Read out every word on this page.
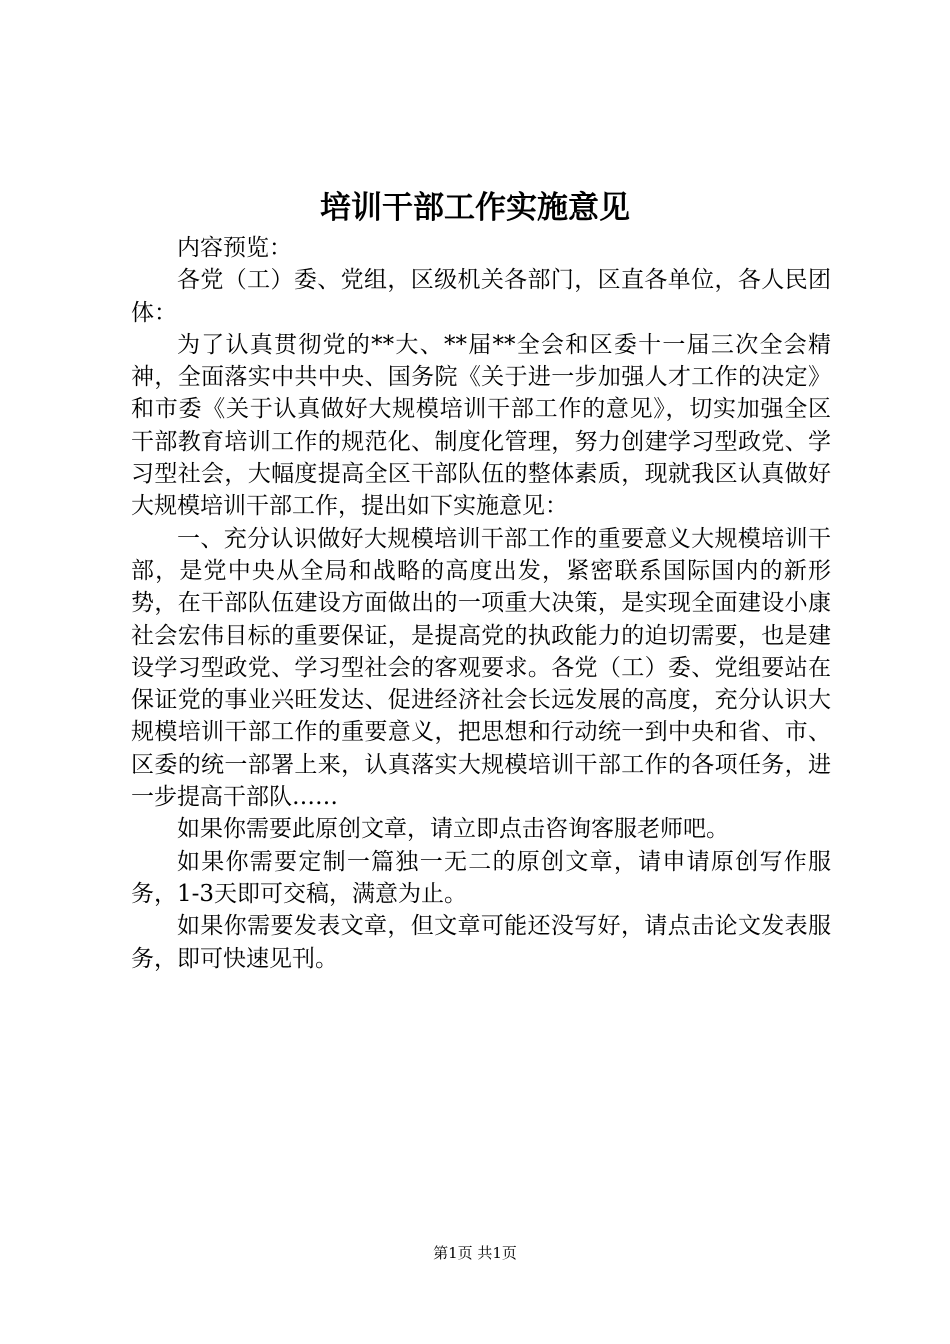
培训干部工作实施意见

内容预览：

各党（工）委、党组，区级机关各部门，区直各单位，各人民团体：

为了认真贯彻党的**大、**届**全会和区委十一届三次全会精神，全面落实中共中央、国务院《关于进一步加强人才工作的决定》和市委《关于认真做好大规模培训干部工作的意见》，切实加强全区干部教育培训工作的规范化、制度化管理，努力创建学习型政党、学习型社会，大幅度提高全区干部队伍的整体素质，现就我区认真做好大规模培训干部工作，提出如下实施意见：

一、充分认识做好大规模培训干部工作的重要意义大规模培训干部，是党中央从全局和战略的高度出发，紧密联系国际国内的新形势，在干部队伍建设方面做出的一项重大决策，是实现全面建设小康社会宏伟目标的重要保证，是提高党的执政能力的迫切需要，也是建设学习型政党、学习型社会的客观要求。各党（工）委、党组要站在保证党的事业兴旺发达、促进经济社会长远发展的高度，充分认识大规模培训干部工作的重要意义，把思想和行动统一到中央和省、市、区委的统一部署上来，认真落实大规模培训干部工作的各项任务，进一步提高干部队……

如果你需要此原创文章，请立即点击咨询客服老师吧。

如果你需要定制一篇独一无二的原创文章，请申请原创写作服务，1-3天即可交稿，满意为止。

如果你需要发表文章，但文章可能还没写好，请点击论文发表服务，即可快速见刊。

第1页 共1页
